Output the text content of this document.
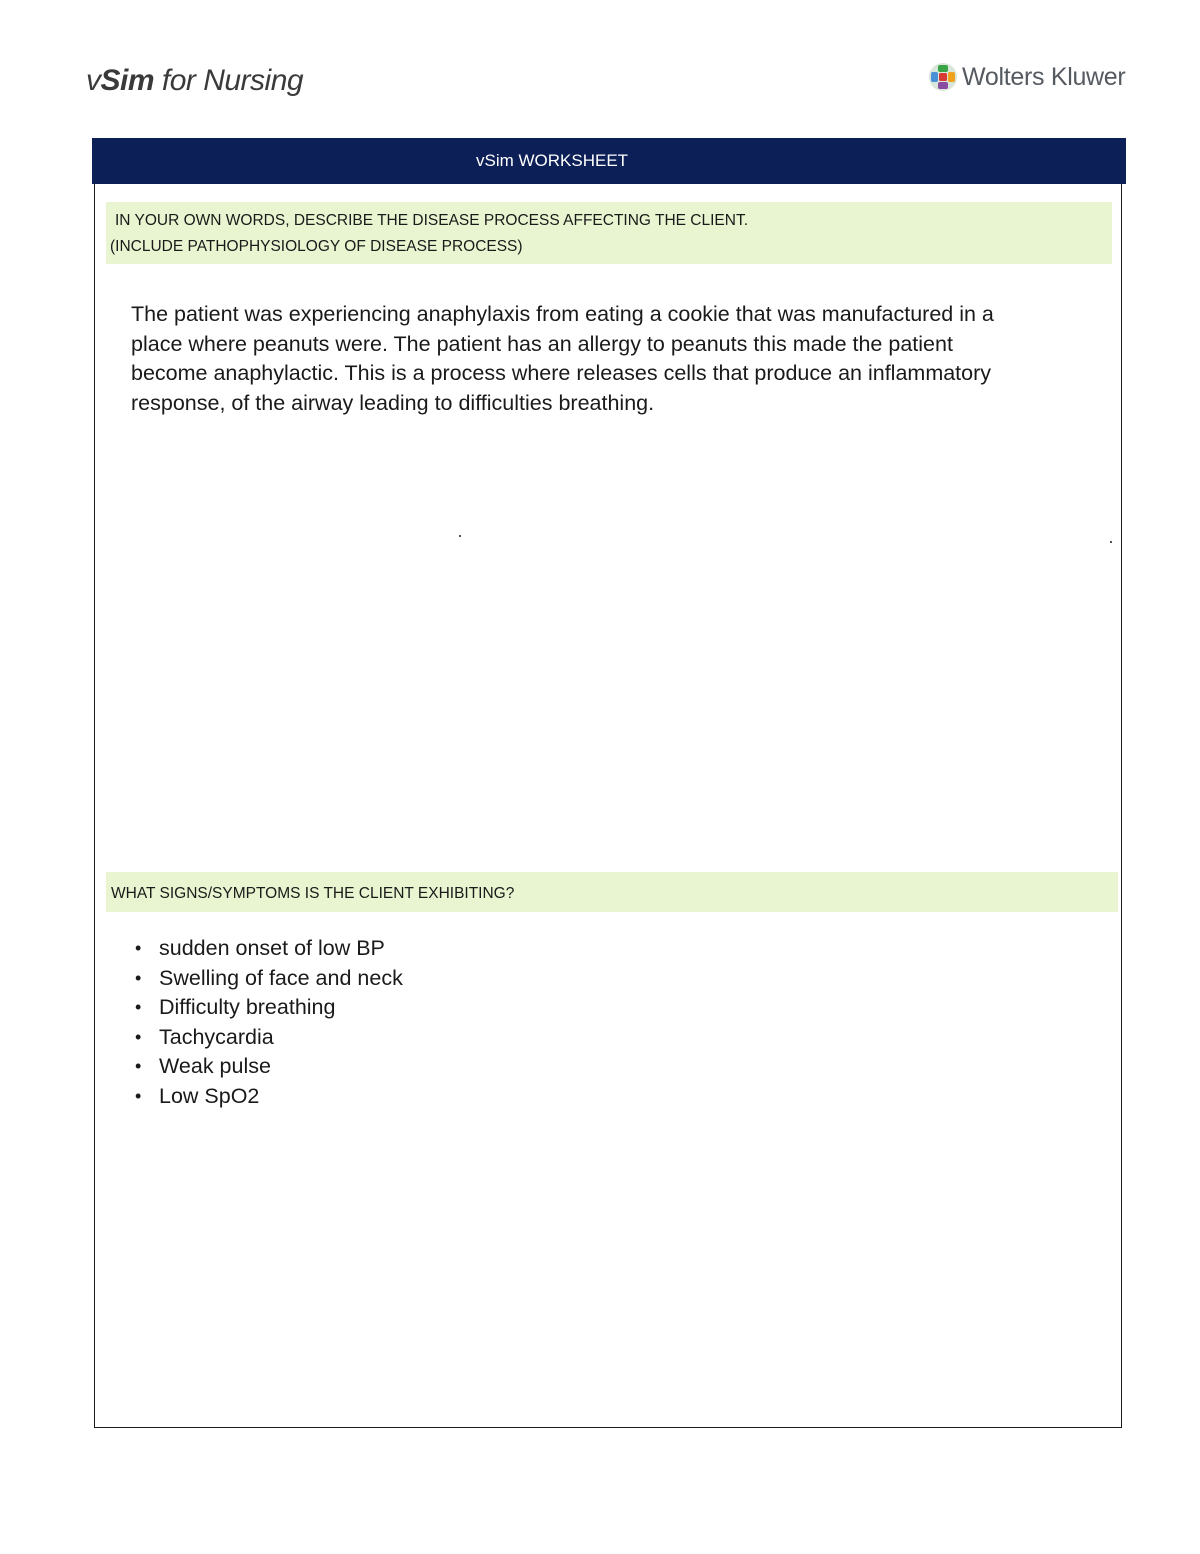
vSim for Nursing	Wolters Kluwer
vSim WORKSHEET
IN YOUR OWN WORDS, DESCRIBE THE DISEASE PROCESS AFFECTING THE CLIENT.
(INCLUDE PATHOPHYSIOLOGY OF DISEASE PROCESS)
The patient was experiencing anaphylaxis from eating a cookie that was manufactured in a place where peanuts were. The patient has an allergy to peanuts this made the patient become anaphylactic. This is a process where releases cells that produce an inflammatory response, of the airway leading to difficulties breathing.
WHAT SIGNS/SYMPTOMS IS THE CLIENT EXHIBITING?
• sudden onset of low BP
• Swelling of face and neck
• Difficulty breathing
• Tachycardia
• Weak pulse
• Low SpO2
